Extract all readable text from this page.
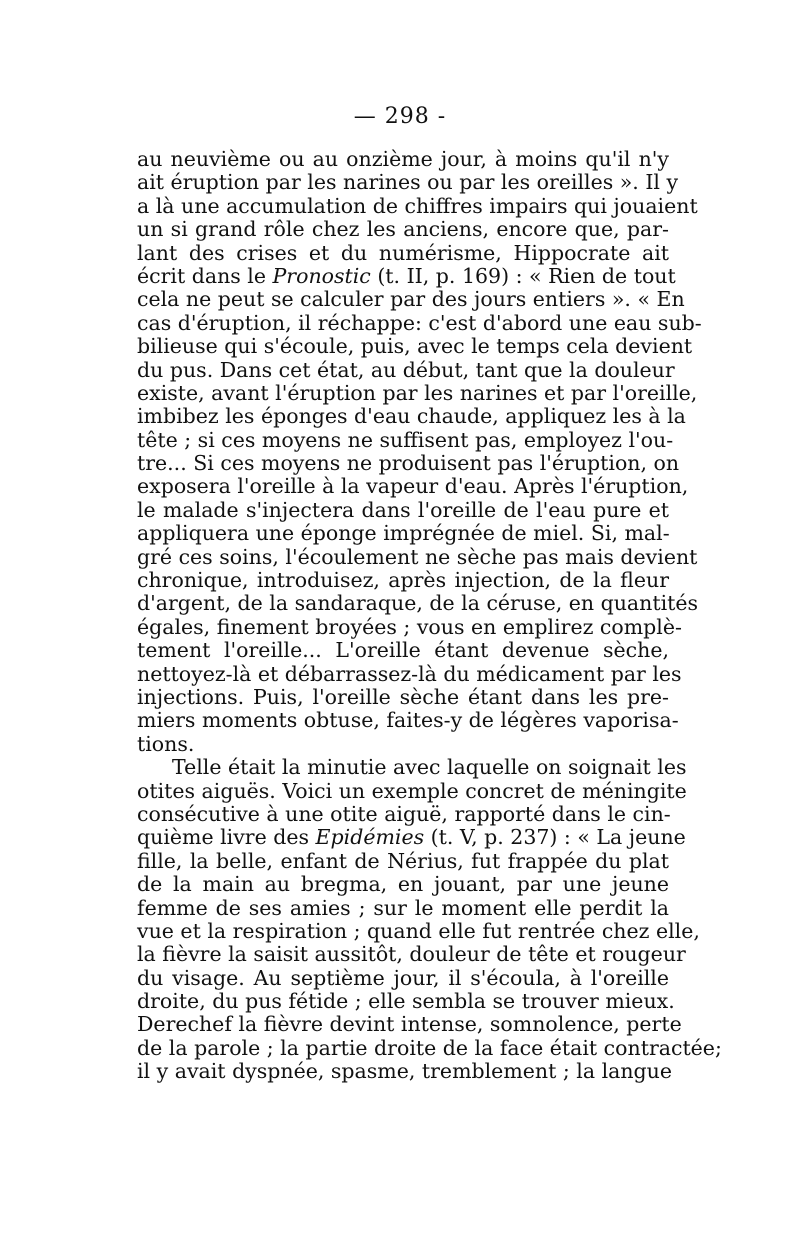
— 298 -
au neuvième ou au onzième jour, à moins qu'il n'y
ait éruption par les narines ou par les oreilles ». Il y
a là une accumulation de chiffres impairs qui jouaient
un si grand rôle chez les anciens, encore que, par-
lant des crises et du numérisme, Hippocrate ait
écrit dans le Pronostic (t. II, p. 169) : « Rien de tout
cela ne peut se calculer par des jours entiers ». « En
cas d'éruption, il réchappe: c'est d'abord une eau sub-
bilieuse qui s'écoule, puis, avec le temps cela devient
du pus. Dans cet état, au début, tant que la douleur
existe, avant l'éruption par les narines et par l'oreille,
imbibez les éponges d'eau chaude, appliquez les à la
tête ; si ces moyens ne suffisent pas, employez l'ou-
tre... Si ces moyens ne produisent pas l'éruption, on
exposera l'oreille à la vapeur d'eau. Après l'éruption,
le malade s'injectera dans l'oreille de l'eau pure et
appliquera une éponge imprégnée de miel. Si, mal-
gré ces soins, l'écoulement ne sèche pas mais devient
chronique, introduisez, après injection, de la fleur
d'argent, de la sandaraque, de la céruse, en quantités
égales, finement broyées ; vous en emplirez complè-
tement l'oreille... L'oreille étant devenue sèche,
nettoyez-là et débarrassez-là du médicament par les
injections. Puis, l'oreille sèche étant dans les pre-
miers moments obtuse, faites-y de légères vaporisa-
tions.
Telle était la minutie avec laquelle on soignait les
otites aiguës. Voici un exemple concret de méningite
consécutive à une otite aiguë, rapporté dans le cin-
quième livre des Epidémies (t. V, p. 237) : « La jeune
fille, la belle, enfant de Nérius, fut frappée du plat
de la main au bregma, en jouant, par une jeune
femme de ses amies ; sur le moment elle perdit la
vue et la respiration ; quand elle fut rentrée chez elle,
la fièvre la saisit aussitôt, douleur de tête et rougeur
du visage. Au septième jour, il s'écoula, à l'oreille
droite, du pus fétide ; elle sembla se trouver mieux.
Derechef la fièvre devint intense, somnolence, perte
de la parole ; la partie droite de la face était contractée;
il y avait dyspnée, spasme, tremblement ; la langue
